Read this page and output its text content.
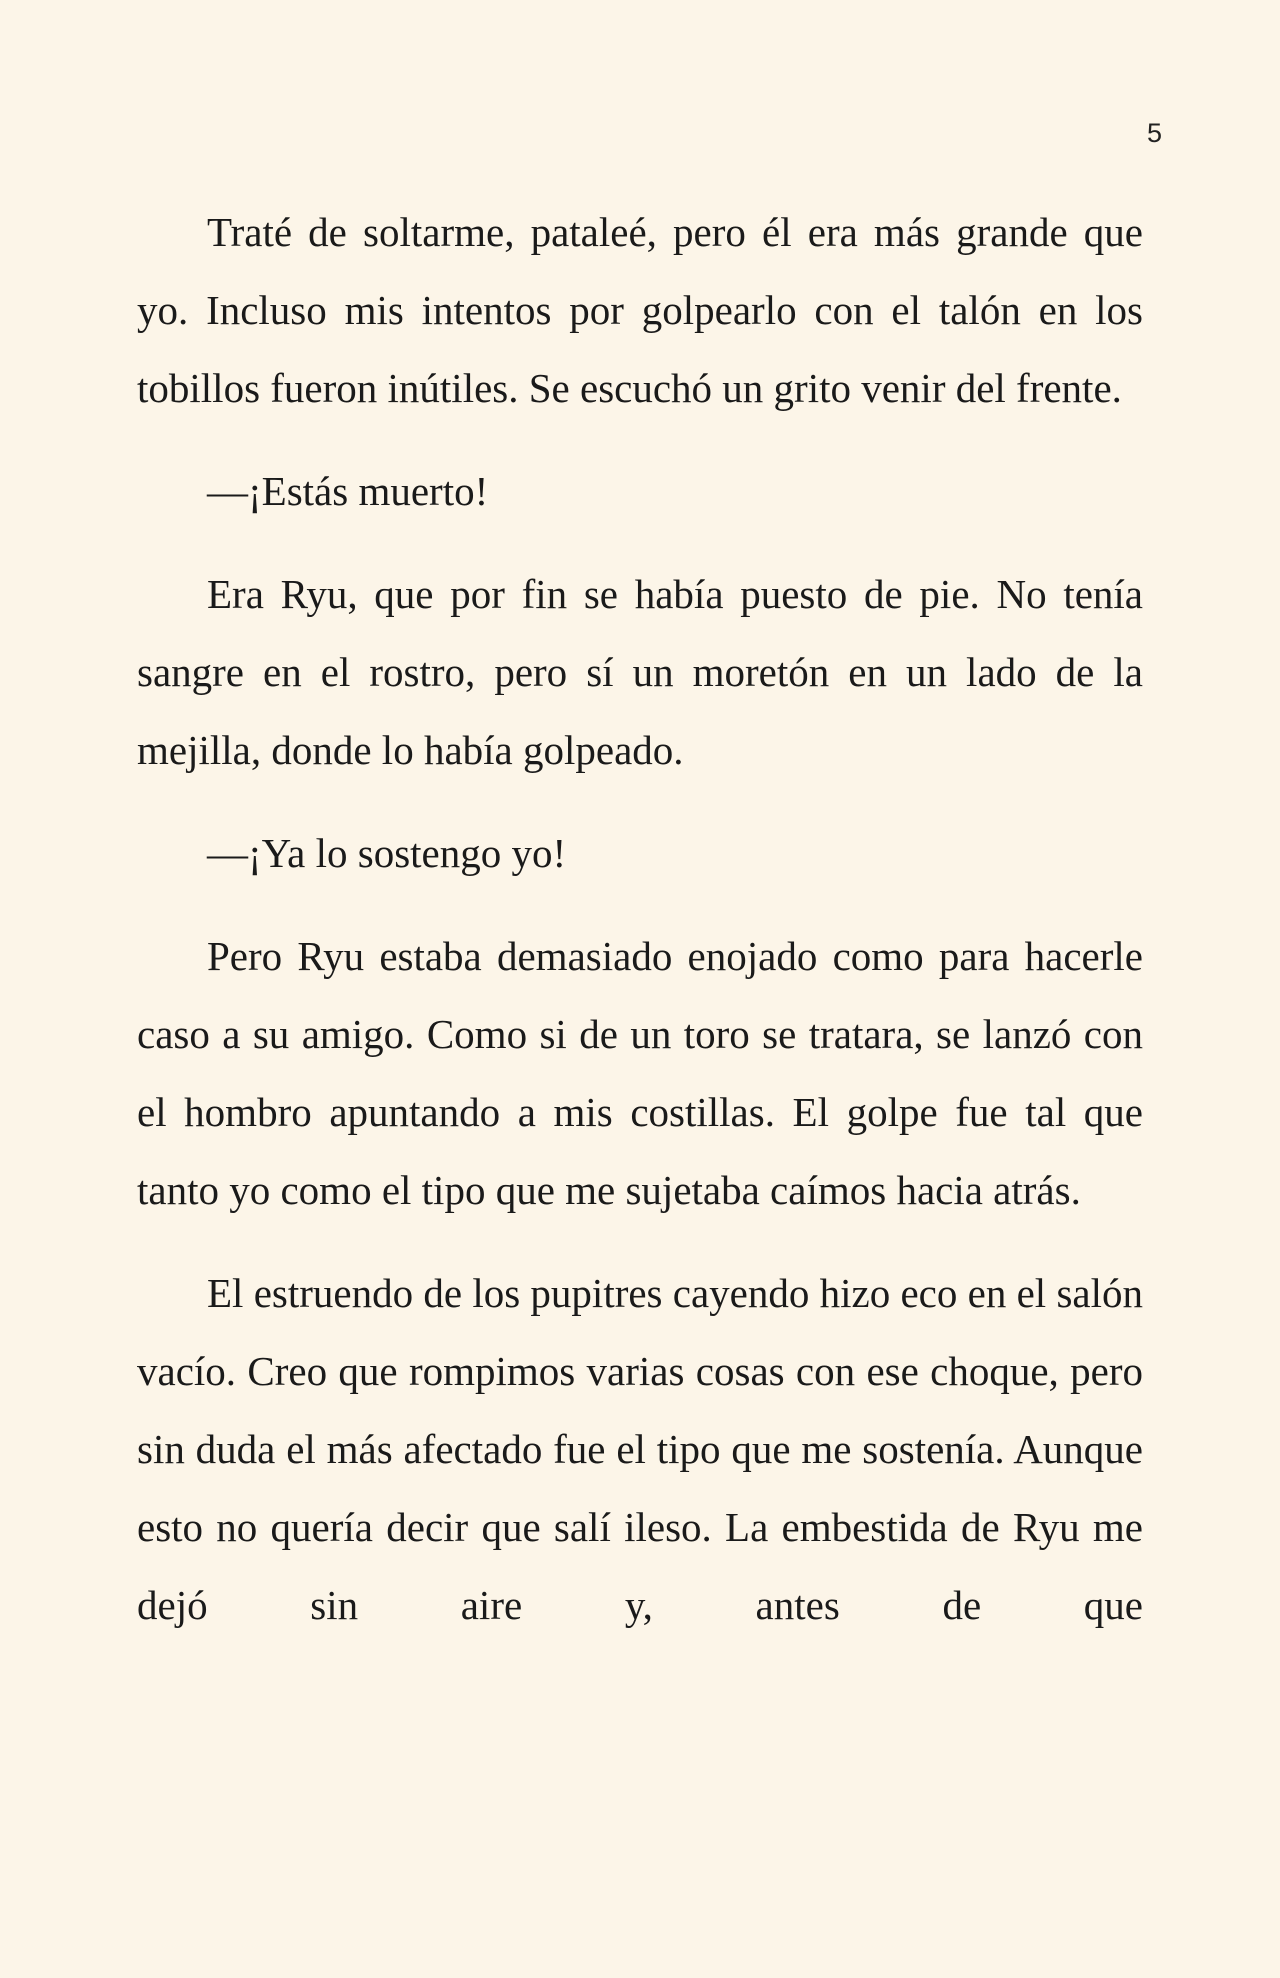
5

Traté de soltarme, pataleé, pero él era más grande que yo. Incluso mis intentos por golpearlo con el talón en los tobillos fueron inútiles. Se escuchó un grito venir del frente.

—¡Estás muerto!

Era Ryu, que por fin se había puesto de pie. No tenía sangre en el rostro, pero sí un moretón en un lado de la mejilla, donde lo había golpeado.

—¡Ya lo sostengo yo!

Pero Ryu estaba demasiado enojado como para hacerle caso a su amigo. Como si de un toro se tratara, se lanzó con el hombro apuntando a mis costillas. El golpe fue tal que tanto yo como el tipo que me sujetaba caímos hacia atrás.

El estruendo de los pupitres cayendo hizo eco en el salón vacío. Creo que rompimos varias cosas con ese choque, pero sin duda el más afectado fue el tipo que me sostenía. Aunque esto no quería decir que salí ileso. La embestida de Ryu me dejó sin aire y, antes de que
